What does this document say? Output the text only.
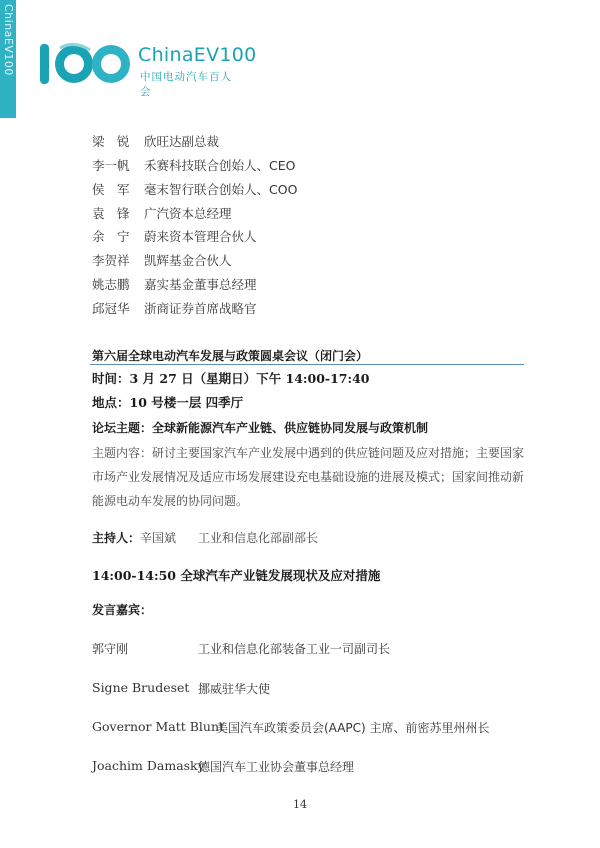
ChinaEV100	ChinaEV100
中国电动汽车百人会
梁　锐 欣旺达副总裁
李一帆 禾赛科技联合创始人、CEO
侯　军 毫末智行联合创始人、COO
袁　锋 广汽资本总经理
余　宁 蔚来资本管理合伙人
李贺祥 凯辉基金合伙人
姚志鹏 嘉实基金董事总经理
邱冠华 浙商证券首席战略官
第六届全球电动汽车发展与政策圆桌会议（闭门会）
时间：3 月 27 日（星期日）下午 14:00-17:40
地点：10 号楼一层 四季厅
论坛主题：全球新能源汽车产业链、供应链协同发展与政策机制
主题内容：研讨主要国家汽车产业发展中遇到的供应链问题及应对措施；主要国家市场产业发展情况及适应市场发展建设充电基础设施的进展及模式；国家间推动新能源电动车发展的协同问题。
主持人：辛国斌 工业和信息化部副部长
14:00-14:50 全球汽车产业链发展现状及应对措施
发言嘉宾：
郭守刚	工业和信息化部装备工业一司副司长
Signe Brudeset 挪威驻华大使
Governor Matt Blunt
美国汽车政策委员会(AAPC) 主席、前密苏里州州长
Joachim Damasky
德国汽车工业协会董事总经理
14
